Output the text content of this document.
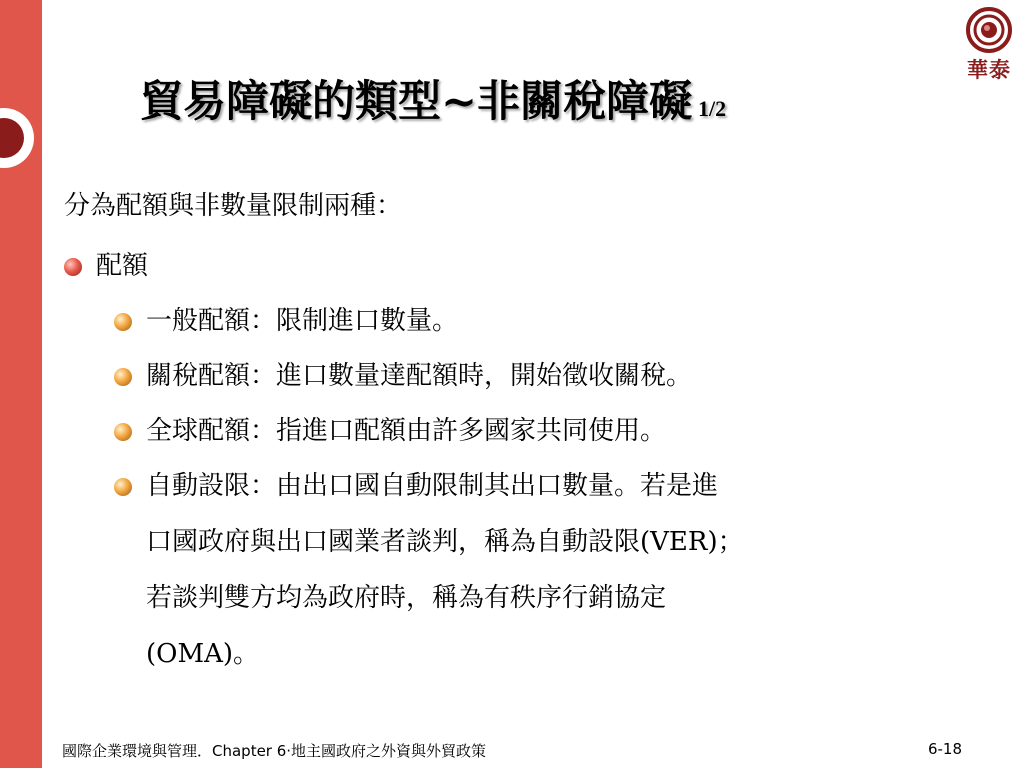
華泰
貿易障礙的類型~非關稅障礙 1/2
分為配額與非數量限制兩種：
配額
一般配額：限制進口數量。
關稅配額：進口數量達配額時，開始徵收關稅。
全球配額：指進口配額由許多國家共同使用。
自動設限：由出口國自動限制其出口數量。若是進
口國政府與出口國業者談判，稱為自動設限(VER)；
若談判雙方均為政府時，稱為有秩序行銷協定
(OMA)。
國際企業環境與管理．Chapter 6‧地主國政府之外資與外貿政策	6-18
